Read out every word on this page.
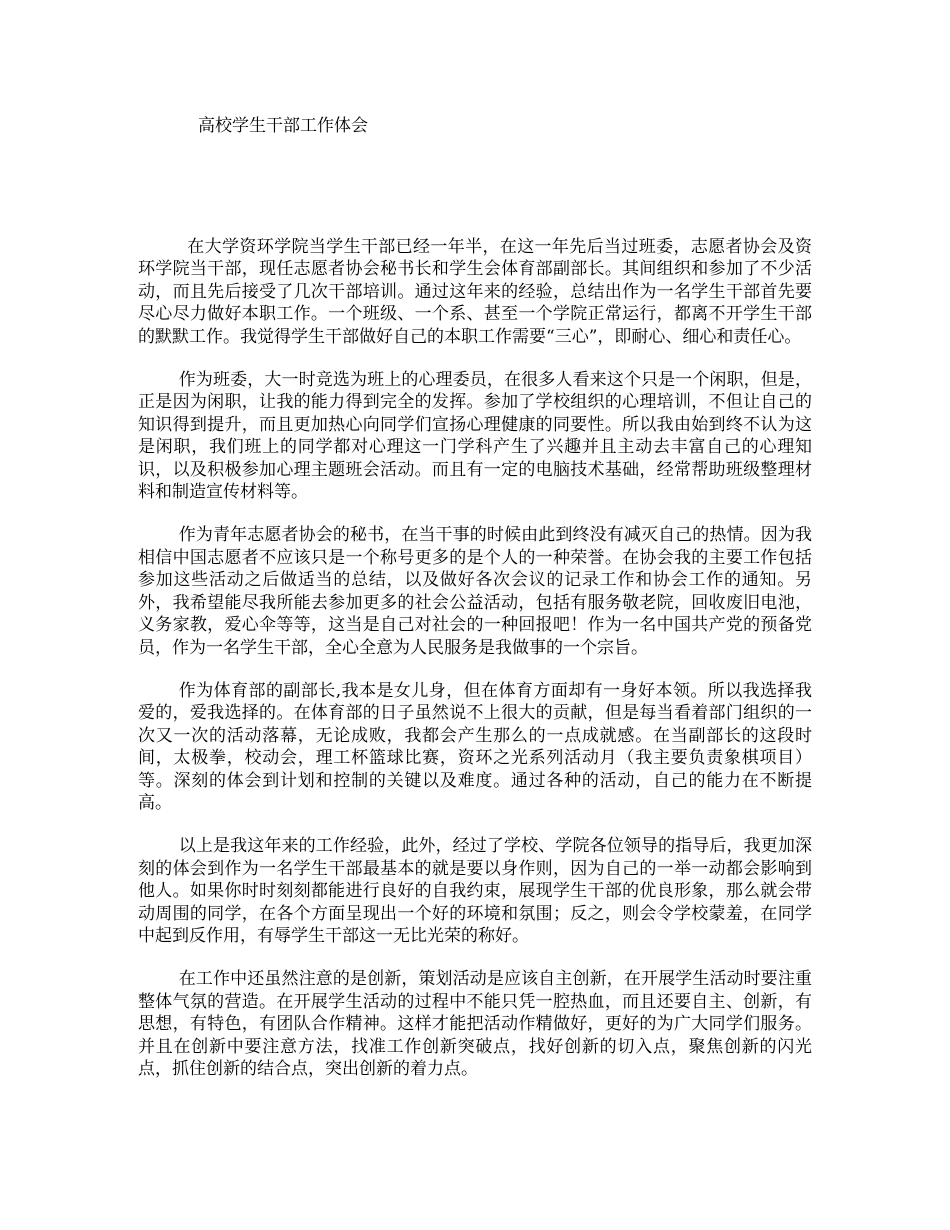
高校学生干部工作体会

在大学资环学院当学生干部已经一年半，在这一年先后当过班委，志愿者协会及资环学院当干部，现任志愿者协会秘书长和学生会体育部副部长。其间组织和参加了不少活动，而且先后接受了几次干部培训。通过这年来的经验，总结出作为一名学生干部首先要尽心尽力做好本职工作。一个班级、一个系、甚至一个学院正常运行，都离不开学生干部的默默工作。我觉得学生干部做好自己的本职工作需要“三心”，即耐心、细心和责任心。

作为班委，大一时竞选为班上的心理委员，在很多人看来这个只是一个闲职，但是，正是因为闲职，让我的能力得到完全的发挥。参加了学校组织的心理培训，不但让自己的知识得到提升，而且更加热心向同学们宣扬心理健康的同要性。所以我由始到终不认为这是闲职，我们班上的同学都对心理这一门学科产生了兴趣并且主动去丰富自己的心理知识，以及积极参加心理主题班会活动。而且有一定的电脑技术基础，经常帮助班级整理材料和制造宣传材料等。

作为青年志愿者协会的秘书，在当干事的时候由此到终没有减灭自己的热情。因为我相信中国志愿者不应该只是一个称号更多的是个人的一种荣誉。在协会我的主要工作包括参加这些活动之后做适当的总结，以及做好各次会议的记录工作和协会工作的通知。另外，我希望能尽我所能去参加更多的社会公益活动，包括有服务敬老院，回收废旧电池，义务家教，爱心伞等等，这当是自己对社会的一种回报吧！作为一名中国共产党的预备党员，作为一名学生干部，全心全意为人民服务是我做事的一个宗旨。

作为体育部的副部长,我本是女儿身，但在体育方面却有一身好本领。所以我选择我爱的，爱我选择的。在体育部的日子虽然说不上很大的贡献，但是每当看着部门组织的一次又一次的活动落幕，无论成败，我都会产生那么的一点成就感。在当副部长的这段时间，太极拳，校动会，理工杯篮球比赛，资环之光系列活动月（我主要负责象棋项目）等。深刻的体会到计划和控制的关键以及难度。通过各种的活动，自己的能力在不断提高。

以上是我这年来的工作经验，此外，经过了学校、学院各位领导的指导后，我更加深刻的体会到作为一名学生干部最基本的就是要以身作则，因为自己的一举一动都会影响到他人。如果你时时刻刻都能进行良好的自我约束，展现学生干部的优良形象，那么就会带动周围的同学，在各个方面呈现出一个好的环境和氛围；反之，则会令学校蒙羞，在同学中起到反作用，有辱学生干部这一无比光荣的称好。

在工作中还虽然注意的是创新，策划活动是应该自主创新，在开展学生活动时要注重整体气氛的营造。在开展学生活动的过程中不能只凭一腔热血，而且还要自主、创新，有思想，有特色，有团队合作精神。这样才能把活动作精做好，更好的为广大同学们服务。并且在创新中要注意方法，找准工作创新突破点，找好创新的切入点，聚焦创新的闪光点，抓住创新的结合点，突出创新的着力点。
